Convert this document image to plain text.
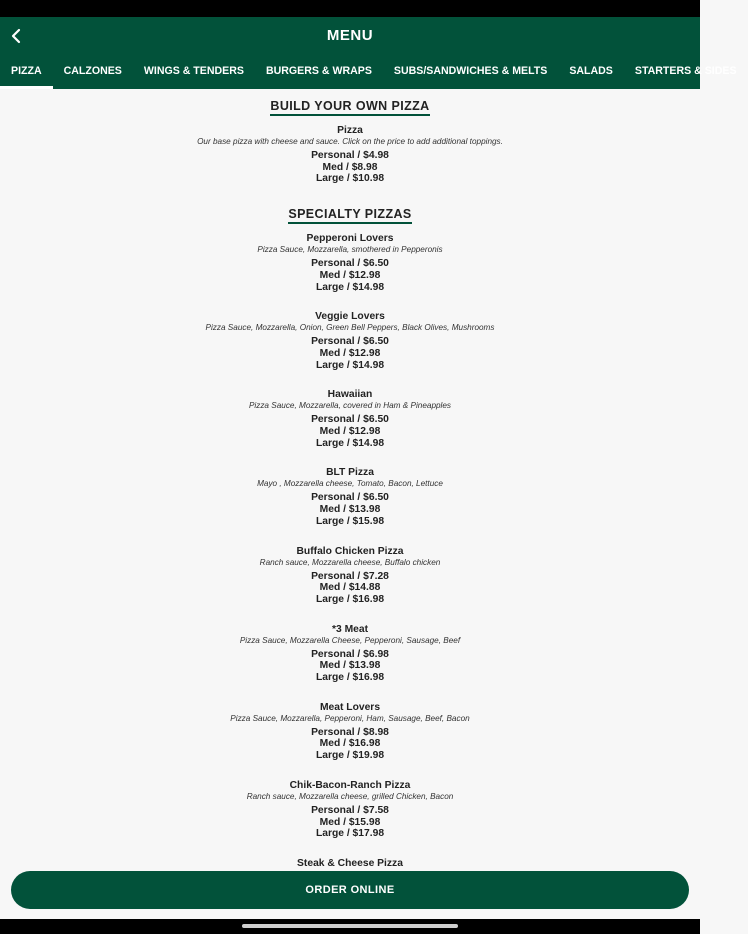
MENU
PIZZA	CALZONES	WINGS & TENDERS	BURGERS & WRAPS	SUBS/SANDWICHES & MELTS	SALADS	STARTERS & SIDES
BUILD YOUR OWN PIZZA
Pizza
Our base pizza with cheese and sauce. Click on the price to add additional toppings.
Personal / $4.98
Med / $8.98
Large / $10.98
SPECIALTY PIZZAS
Pepperoni Lovers
Pizza Sauce, Mozzarella, smothered in Pepperonis
Personal / $6.50
Med / $12.98
Large / $14.98
Veggie Lovers
Pizza Sauce, Mozzarella, Onion, Green Bell Peppers, Black Olives, Mushrooms
Personal / $6.50
Med / $12.98
Large / $14.98
Hawaiian
Pizza Sauce, Mozzarella, covered in Ham & Pineapples
Personal / $6.50
Med / $12.98
Large / $14.98
BLT Pizza
Mayo , Mozzarella cheese, Tomato, Bacon, Lettuce
Personal / $6.50
Med / $13.98
Large / $15.98
Buffalo Chicken Pizza
Ranch sauce, Mozzarella cheese, Buffalo chicken
Personal / $7.28
Med / $14.88
Large / $16.98
*3 Meat
Pizza Sauce, Mozzarella Cheese, Pepperoni, Sausage, Beef
Personal / $6.98
Med / $13.98
Large / $16.98
Meat Lovers
Pizza Sauce, Mozzarella, Pepperoni, Ham, Sausage, Beef, Bacon
Personal / $8.98
Med / $16.98
Large / $19.98
Chik-Bacon-Ranch Pizza
Ranch sauce, Mozzarella cheese, grilled Chicken, Bacon
Personal / $7.58
Med / $15.98
Large / $17.98
Steak & Cheese Pizza
ORDER ONLINE
